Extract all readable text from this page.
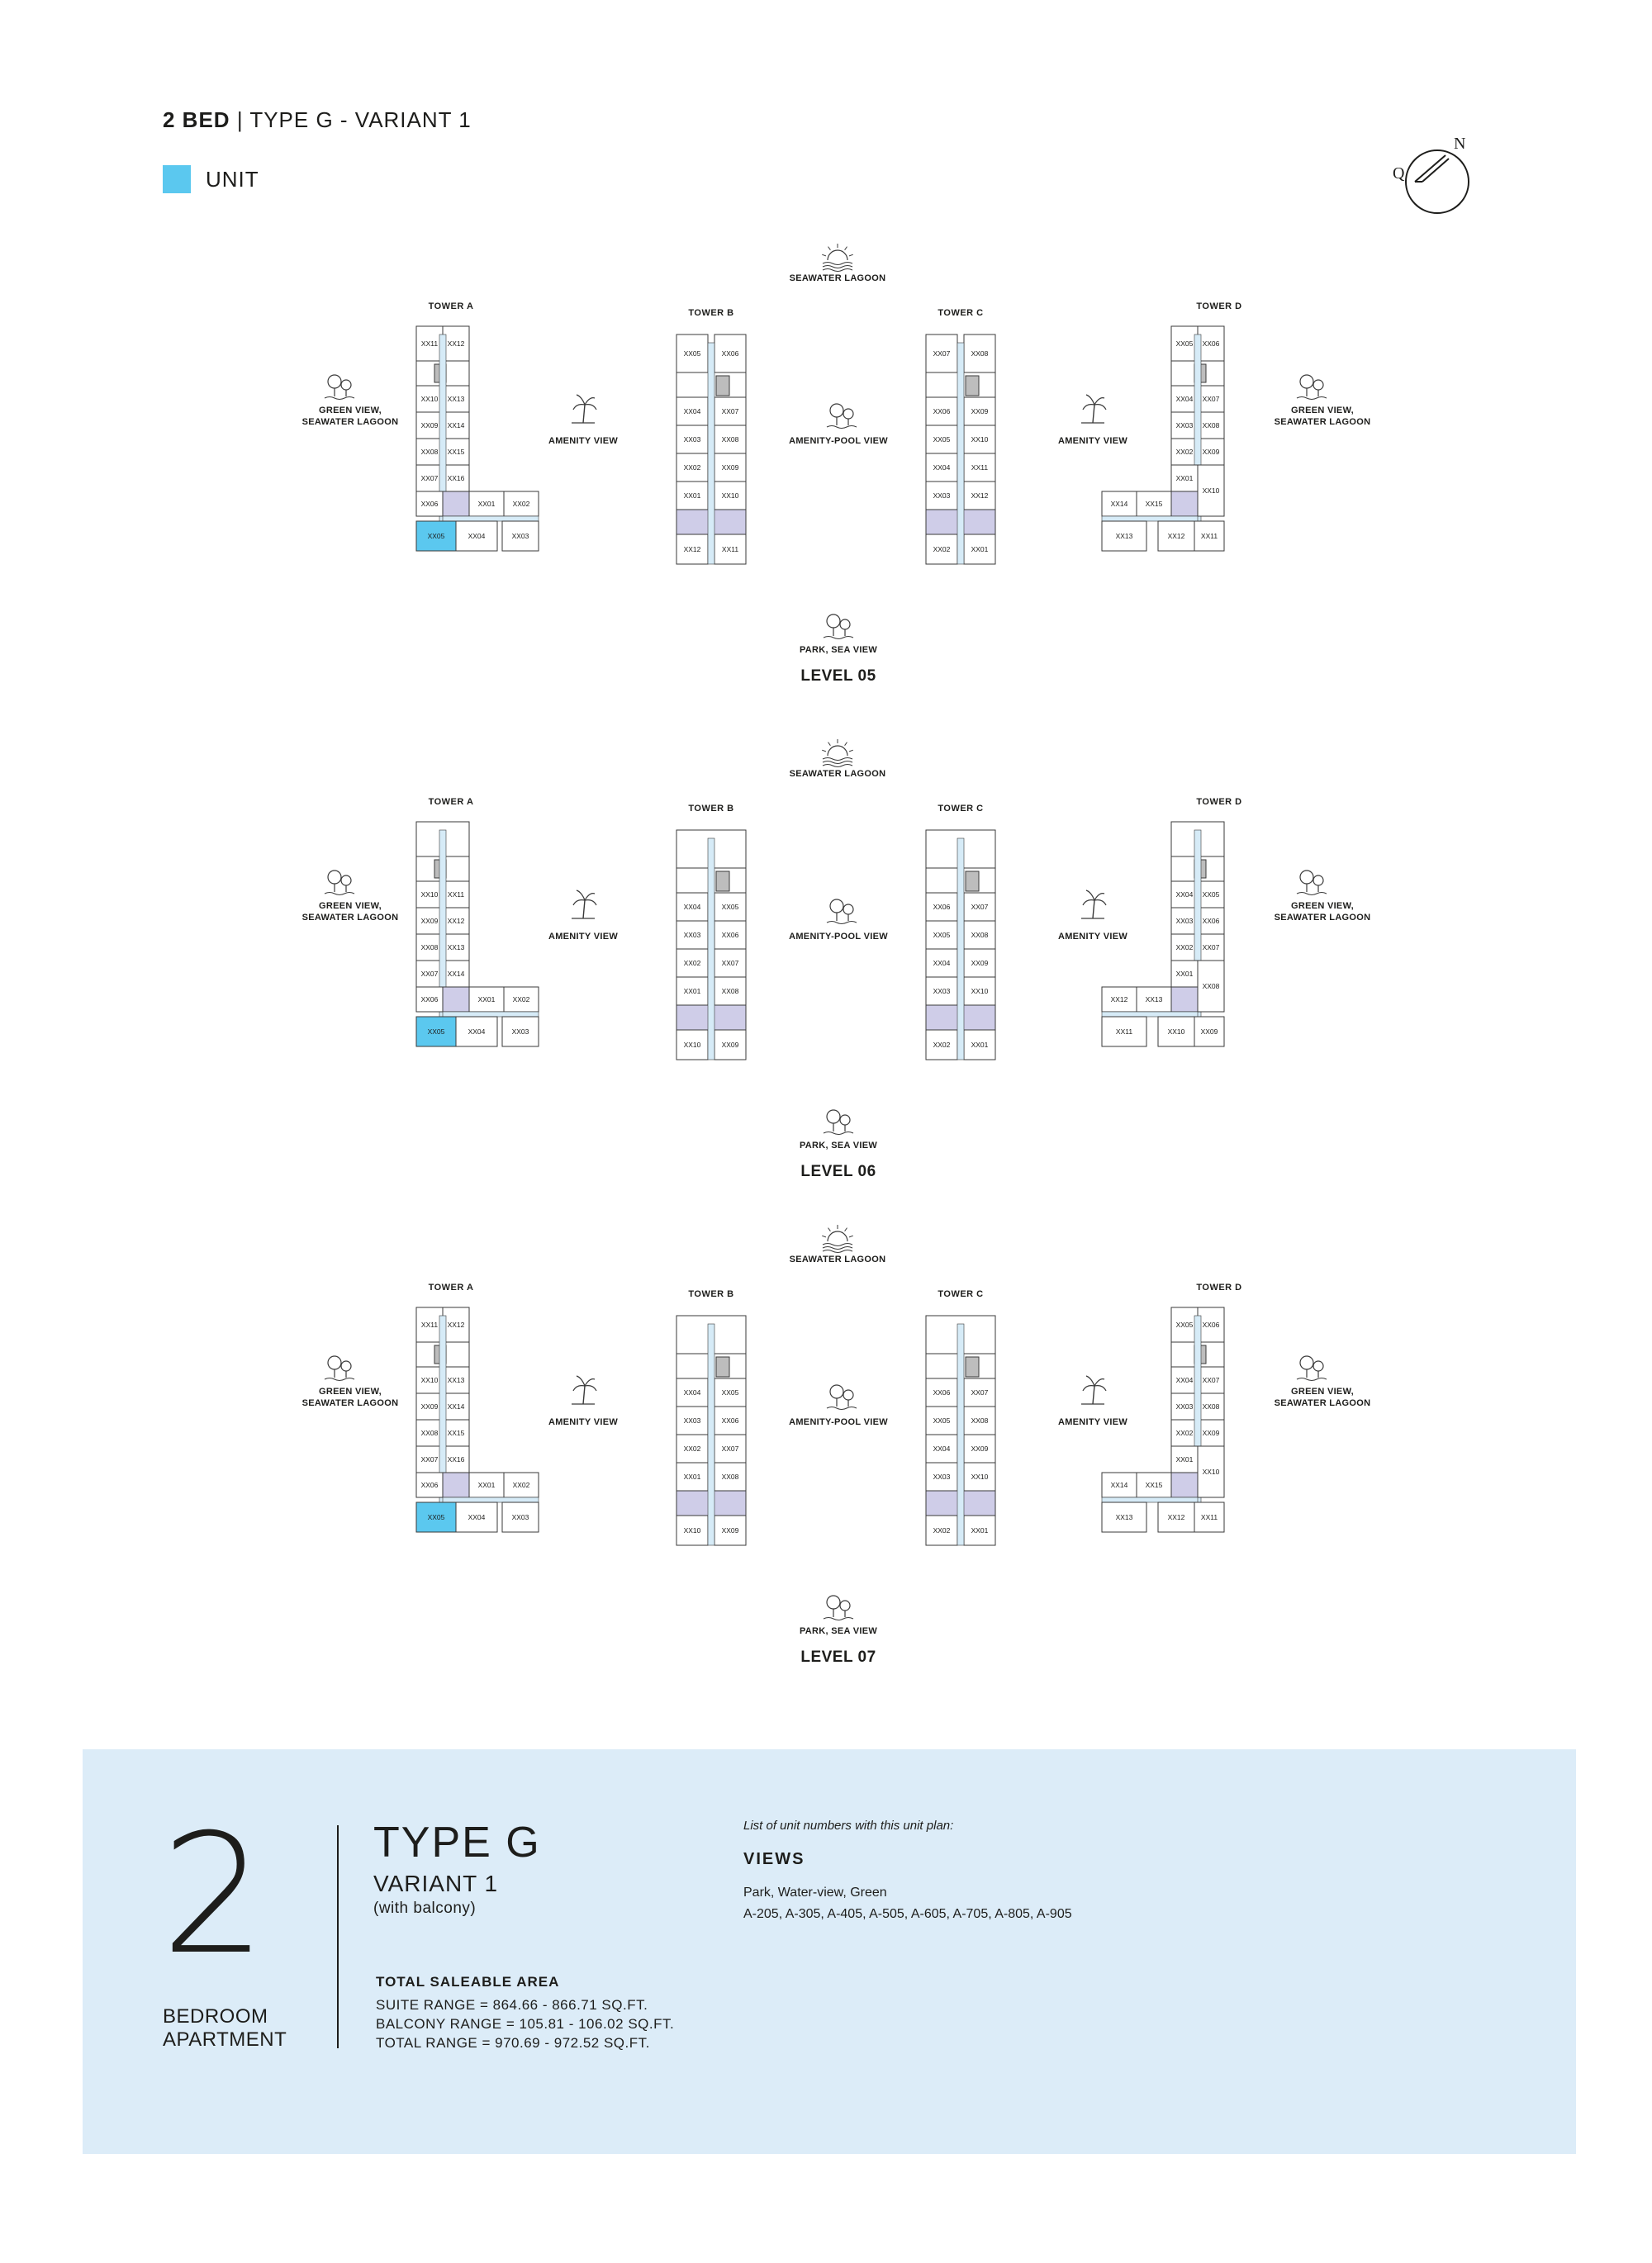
2 BED | TYPE G - VARIANT 1
UNIT
N
Q
SEAWATER LAGOON
TOWER A
TOWER B	TOWER C
TOWER D
GREEN VIEW,
SEAWATER LAGOON
GREEN VIEW,
SEAWATER LAGOON
AMENITY VIEW	AMENITY VIEW
AMENITY-POOL VIEW
PARK, SEA VIEW
LEVEL 05
XX11 XX12
XX10 XX13
XX09 XX14
XX08 XX15
XX07 XX16
XX06	XX01 XX02
XX05	XX04	XX03
XX05	XX06
XX04	XX07
XX03	XX08
XX02	XX09
XX01	XX10
XX12	XX11
XX07	XX08
XX06	XX09
XX05	XX10
XX04	XX11
XX03	XX12
XX02	XX01
XX05 XX06
XX04 XX07
XX03 XX08
XX02 XX09
XX01
XX14 XX15
XX10
XX13	XX12 XX11
SEAWATER LAGOON
TOWER A
TOWER B	TOWER C
TOWER D
GREEN VIEW,
SEAWATER LAGOON
GREEN VIEW,
SEAWATER LAGOON
AMENITY VIEW	AMENITY VIEW
AMENITY-POOL VIEW
PARK, SEA VIEW
LEVEL 06
XX10 XX11
XX09 XX12
XX08 XX13
XX07 XX14
XX06	XX01 XX02
XX05	XX04	XX03
XX04	XX05
XX03	XX06
XX02	XX07
XX01	XX08
XX10	XX09
XX06	XX07
XX05	XX08
XX04	XX09
XX03	XX10
XX02	XX01
XX04 XX05
XX03 XX06
XX02 XX07
XX01
XX12 XX13
XX08
XX11	XX10 XX09
SEAWATER LAGOON
TOWER A
TOWER B	TOWER C
TOWER D
GREEN VIEW,
SEAWATER LAGOON
GREEN VIEW,
SEAWATER LAGOON
AMENITY VIEW	AMENITY VIEW
AMENITY-POOL VIEW
PARK, SEA VIEW
LEVEL 07
XX11 XX12
XX10 XX13
XX09 XX14
XX08 XX15
XX07 XX16
XX06	XX01 XX02
XX05	XX04	XX03
XX04	XX05
XX03	XX06
XX02	XX07
XX01	XX08
XX10	XX09
XX06	XX07
XX05	XX08
XX04	XX09
XX03	XX10
XX02	XX01
XX05 XX06
XX04 XX07
XX03 XX08
XX02 XX09
XX01
XX14 XX15
XX10
XX13	XX12 XX11
2
BEDROOM
APARTMENT
TYPE G
VARIANT 1
(with balcony)
TOTAL SALEABLE AREA
SUITE RANGE = 864.66 - 866.71 SQ.FT.
BALCONY RANGE = 105.81 - 106.02 SQ.FT.
TOTAL RANGE = 970.69 - 972.52 SQ.FT.
List of unit numbers with this unit plan:
VIEWS
Park, Water-view, Green
A-205, A-305, A-405, A-505, A-605, A-705, A-805, A-905
